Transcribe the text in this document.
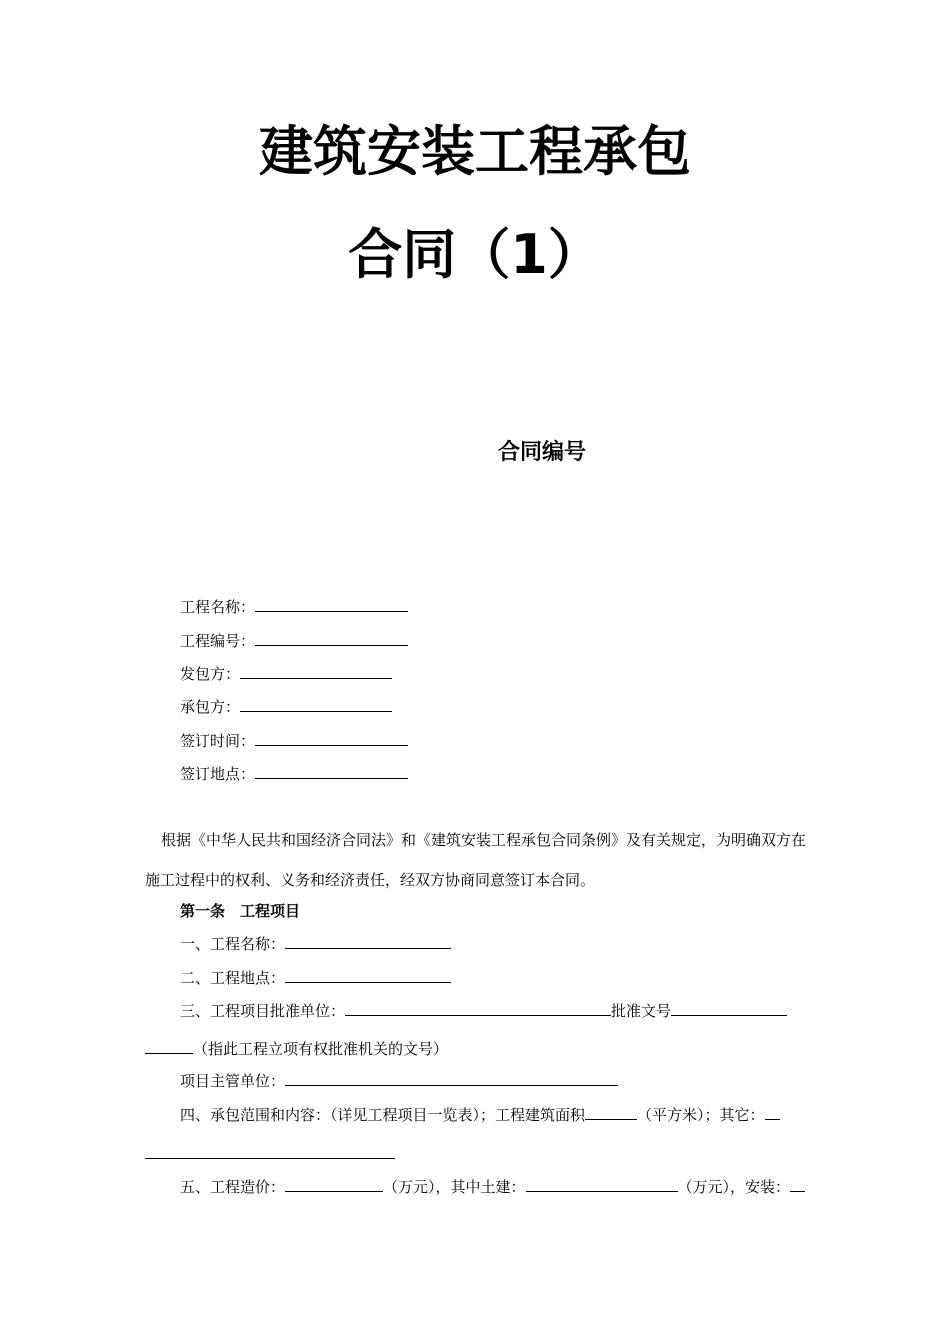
建筑安装工程承包
合同（1）
合同编号
工程名称：
工程编号：
发包方：
承包方：
签订时间：
签订地点：

根据《中华人民共和国经济合同法》和《建筑安装工程承包合同条例》及有关规定，为明确双方在施工过程中的权利、义务和经济责任，经双方协商同意签订本合同。

第一条　工程项目
一、工程名称：
二、工程地点：
三、工程项目批准单位：	批准文号
（指此工程立项有权批准机关的文号）
项目主管单位：
四、承包范围和内容：（详见工程项目一览表）；工程建筑面积	（平方米）；其它：
五、工程造价：	（万元），其中土建：	（万元），安装：
